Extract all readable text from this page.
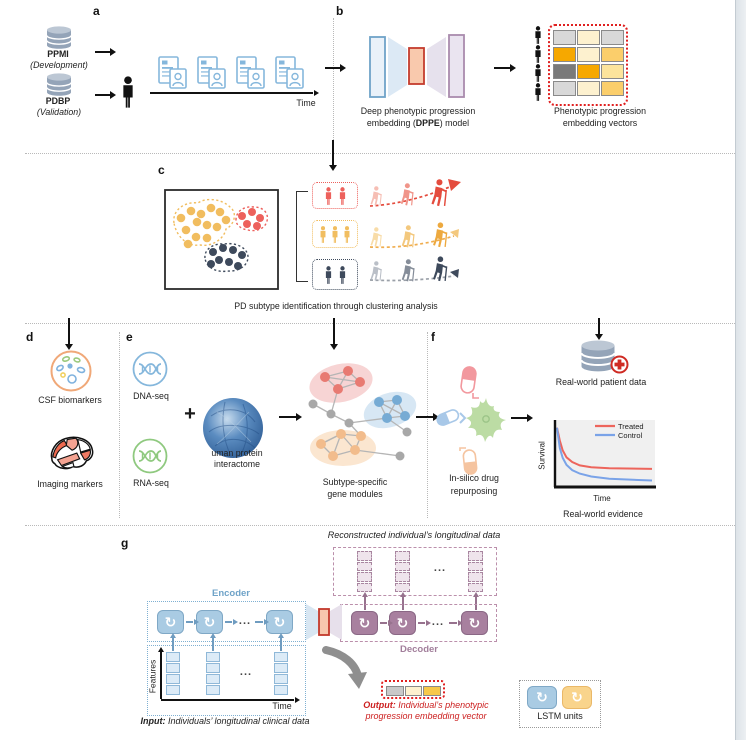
a	b
c
d	e	f
g
PPMI
(Development)
PDBP
(Validation)
Time
Deep phenotypic progression
embedding (DPPE) model
Phenotypic progression
embedding vectors
PD subtype identification through clustering analysis
CSF biomarkers
Imaging markers
DNA-seq
RNA-seq
+
uman protein
interactome
Subtype-specific
gene modules
In-silico drug
repurposing
Real-world patient data
Treated
Control
Survival
Time
Real-world evidence
Reconstructed individual’s longitudinal data
...
↻	↻	↻
...
Decoder
Encoder
↻	↻	↻
...
Features
Time
...
Input: Individuals’ longitudinal clinical data
Output: Individual’s phenotypic
progression embedding vector
↻	↻
LSTM units
